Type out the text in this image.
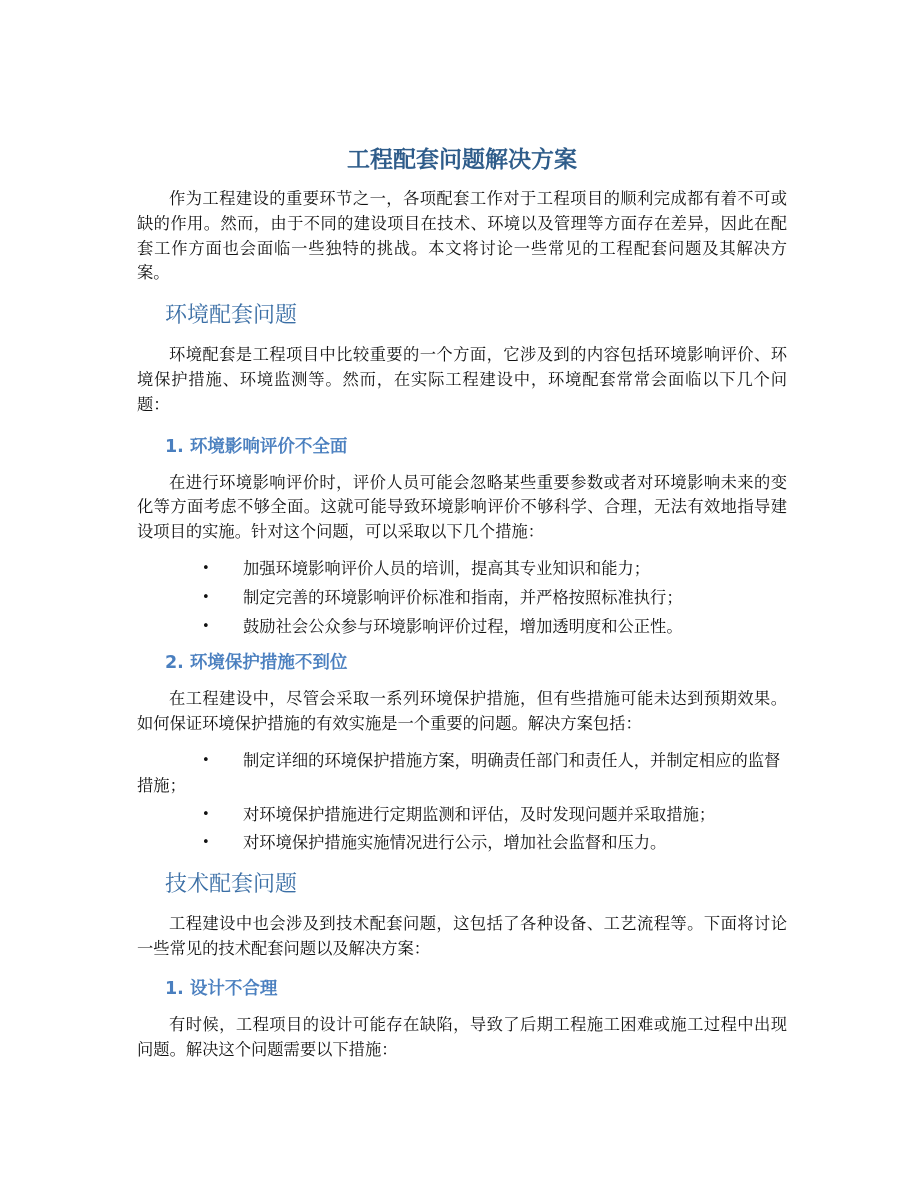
工程配套问题解决方案

作为工程建设的重要环节之一，各项配套工作对于工程项目的顺利完成都有着不可或缺的作用。然而，由于不同的建设项目在技术、环境以及管理等方面存在差异，因此在配套工作方面也会面临一些独特的挑战。本文将讨论一些常见的工程配套问题及其解决方案。

环境配套问题

环境配套是工程项目中比较重要的一个方面，它涉及到的内容包括环境影响评价、环境保护措施、环境监测等。然而，在实际工程建设中，环境配套常常会面临以下几个问题：

1. 环境影响评价不全面

在进行环境影响评价时，评价人员可能会忽略某些重要参数或者对环境影响未来的变化等方面考虑不够全面。这就可能导致环境影响评价不够科学、合理，无法有效地指导建设项目的实施。针对这个问题，可以采取以下几个措施：

• 加强环境影响评价人员的培训，提高其专业知识和能力；
• 制定完善的环境影响评价标准和指南，并严格按照标准执行；
• 鼓励社会公众参与环境影响评价过程，增加透明度和公正性。
2. 环境保护措施不到位

在工程建设中，尽管会采取一系列环境保护措施，但有些措施可能未达到预期效果。如何保证环境保护措施的有效实施是一个重要的问题。解决方案包括：

•	制定详细的环境保护措施方案，明确责任部门和责任人，并制定相应的监督措施；
• 对环境保护措施进行定期监测和评估，及时发现问题并采取措施；
• 对环境保护措施实施情况进行公示，增加社会监督和压力。
技术配套问题

工程建设中也会涉及到技术配套问题，这包括了各种设备、工艺流程等。下面将讨论一些常见的技术配套问题以及解决方案：

1. 设计不合理

有时候，工程项目的设计可能存在缺陷，导致了后期工程施工困难或施工过程中出现问题。解决这个问题需要以下措施：
